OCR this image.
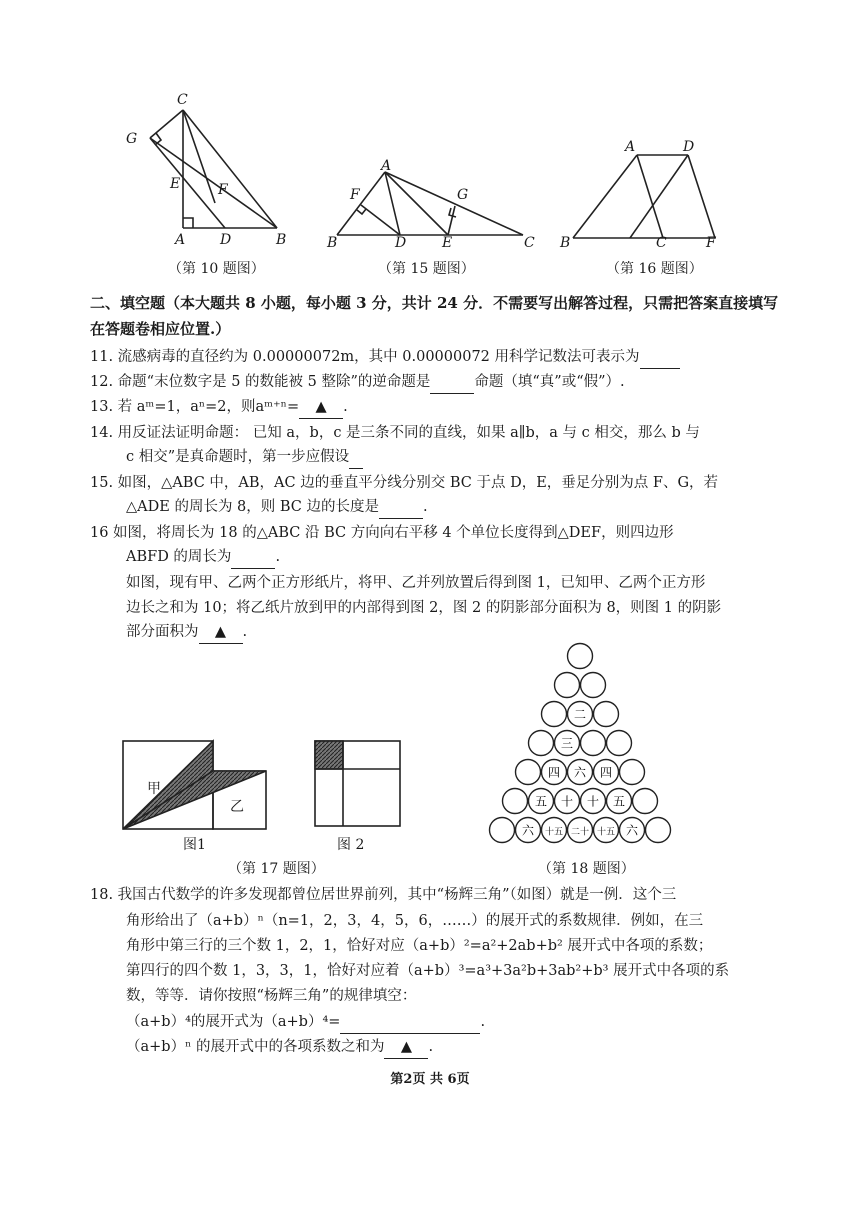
C
G
E	F
A D	B
（第 10 题图）
A
F	G
B	D	E	C
（第 15 题图）
A	D
B	C	F
（第 16 题图）
二、填空题（本大题共 8 小题，每小题 3 分，共计 24 分．不需要写出解答过程，只需把答案直接填写在答题卷相应位置.）
11. 流感病毒的直径约为 0.00000072m，其中 0.00000072 用科学记数法可表示为
12. 命题“末位数字是 5 的数能被 5 整除”的逆命题是	命题（填“真”或“假”）.
13. 若 aᵐ=1，aⁿ=2，则aᵐ⁺ⁿ= ▲ .
14. 用反证法证明命题： 已知 a，b，c 是三条不同的直线，如果 a∥b，a 与 c 相交，那么 b 与
c 相交”是真命题时，第一步应假设
15. 如图，△ABC 中，AB，AC 边的垂直平分线分别交 BC 于点 D，E，垂足分别为点 F、G，若
△ADE 的周长为 8，则 BC 边的长度是	.
16 如图，将周长为 18 的△ABC 沿 BC 方向向右平移 4 个单位长度得到△DEF，则四边形
ABFD 的周长为	.
如图，现有甲、乙两个正方形纸片，将甲、乙并列放置后得到图 1，已知甲、乙两个正方形
边长之和为 10；将乙纸片放到甲的内部得到图 2，图 2 的阴影部分面积为 8，则图 1 的阴影
部分面积为 ▲ .
甲
乙
图1	图 2
（第 17 题图）
二
三
四 六 四
五 十 十 五
六 十五 二十 十五 六
（第 18 题图）
18. 我国古代数学的许多发现都曾位居世界前列，其中“杨辉三角”（如图）就是一例．这个三
角形给出了（a+b）ⁿ（n=1，2，3，4，5，6，……）的展开式的系数规律．例如，在三
角形中第三行的三个数 1，2，1，恰好对应（a+b）²=a²+2ab+b² 展开式中各项的系数；
第四行的四个数 1，3，3，1，恰好对应着（a+b）³=a³+3a²b+3ab²+b³ 展开式中各项的系
数，等等．请你按照“杨辉三角”的规律填空：
（a+b）⁴的展开式为（a+b）⁴=	.
（a+b）ⁿ 的展开式中的各项系数之和为 ▲ .
第2页 共 6页
